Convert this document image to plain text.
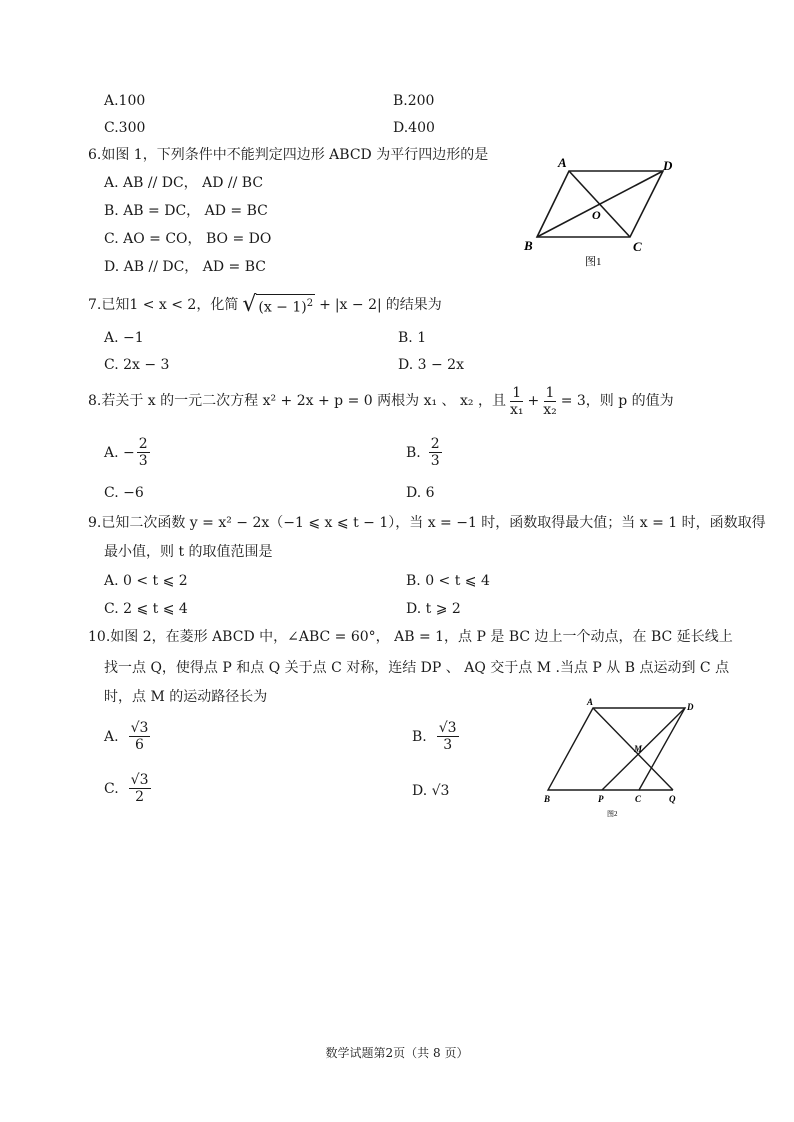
A.100	B.200
C.300	D.400
6.如图 1，下列条件中不能判定四边形 ABCD 为平行四边形的是
A. AB // DC， AD // BC
B. AB = DC， AD = BC
C. AO = CO， BO = DO
D. AB // DC， AD = BC
A	D
O
B	C
图1
7.已知1 < x < 2，化简 √ $(x - 1)^2 + |x - 2|$ 的结果为
A. −1	B. 1
C. 2x − 3	D. 3 − 2x
8.若关于 x 的一元二次方程 x² + 2x + p = 0 两根为 x₁ 、 x₂ ，且 $\frac{1}{\text{x₁}} + \frac{1}{\text{x₂}} = 3$，则 p 的值为
A. − $\frac{2}{3}$	B. $\frac{2}{3}$
C. −6	D. 6
9.已知二次函数 y = x² − 2x（−1 ⩽ x ⩽ t − 1），当 x = −1 时，函数取得最大值；当 x = 1 时，函数取得
最小值，则 t 的取值范围是
A. 0 < t ⩽ 2	B. 0 < t ⩽ 4
C. 2 ⩽ t ⩽ 4	D. t ⩾ 2
10.如图 2，在菱形 ABCD 中，∠ABC = 60°， AB = 1，点 P 是 BC 边上一个动点，在 BC 延长线上
找一点 Q，使得点 P 和点 Q 关于点 C 对称，连结 DP 、 AQ 交于点 M .当点 P 从 B 点运动到 C 点
时，点 M 的运动路径长为
A. $\frac{√3}{6}$	B. $\frac{√3}{3}$
C. $\frac{√3}{2}$	D. √3
A	D
M
B	P	C	Q
图2
数学试题第2页（共 8 页）
